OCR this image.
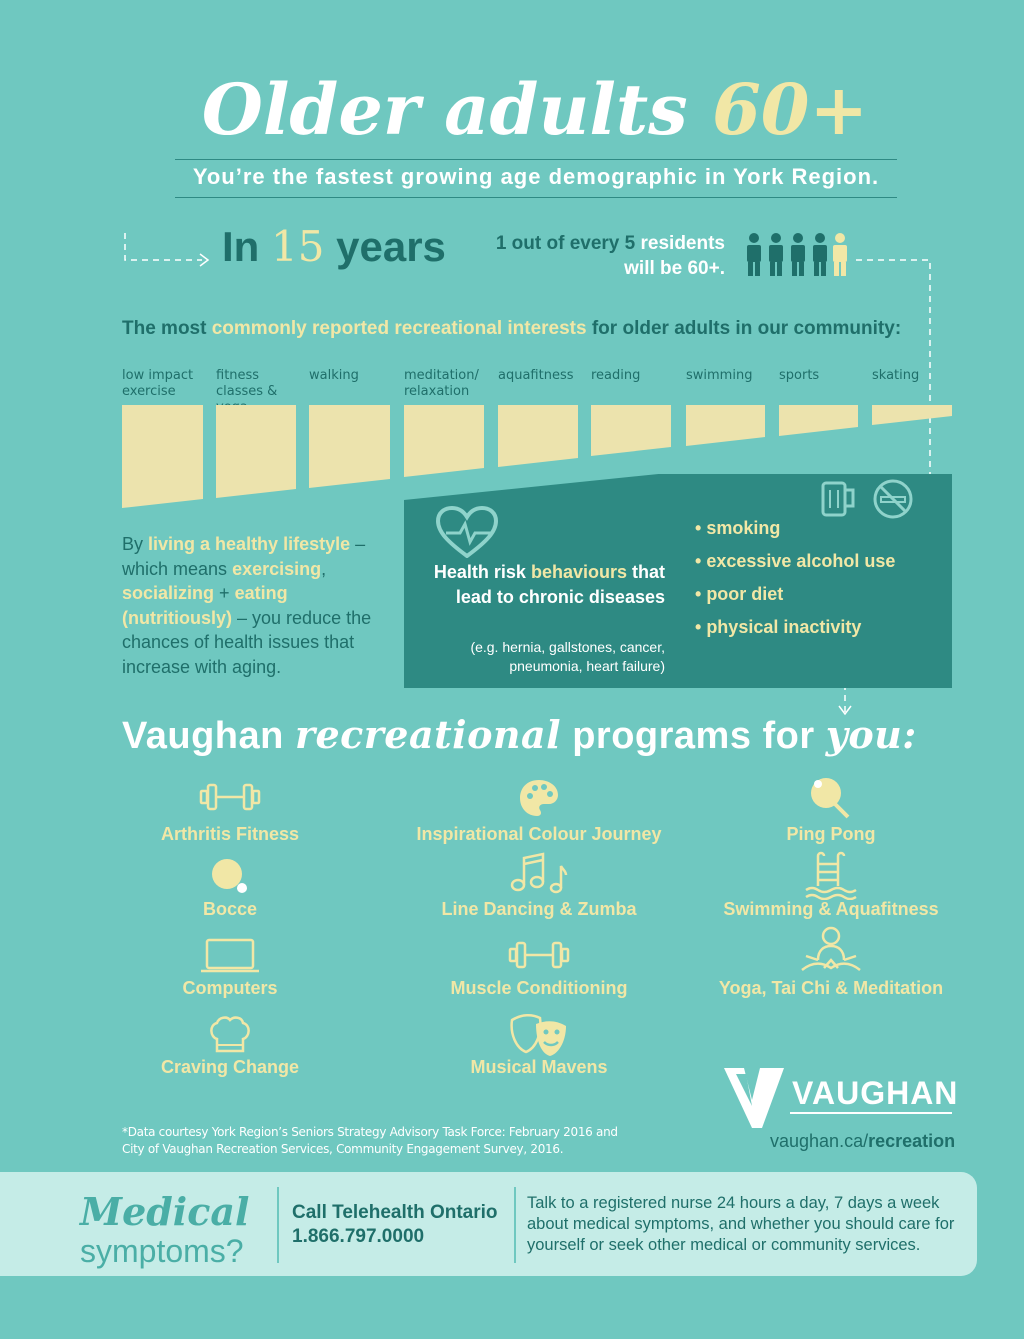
Older adults 60+
You’re the fastest growing age demographic in York Region.
In 15 years	1 out of every 5 residents
will be 60+.
The most commonly reported recreational interests for older adults in our community:
low impact exercise
fitness classes &
walking	meditation/ relaxation
aquafitness	reading	swimming	sports	skating
By living a healthy lifestyle – which means exercising, socializing + eating (nutritiously) – you reduce the chances of health issues that increase with aging.
Health risk behaviours that lead to chronic diseases
(e.g. hernia, gallstones, cancer, pneumonia, heart failure)
• smoking
• excessive alcohol use
• poor diet
• physical inactivity
Vaughan recreational programs for you:
Arthritis Fitness
Bocce
Computers
Craving Change
Inspirational Colour Journey
Line Dancing & Zumba
Muscle Conditioning
Musical Mavens
Ping Pong
Swimming & Aquafitness
Yoga, Tai Chi & Meditation
*Data courtesy York Region’s Seniors Strategy Advisory Task Force: February 2016 and
City of Vaughan Recreation Services, Community Engagement Survey, 2016.
VAUGHAN
vaughan.ca/recreation
Medical
symptoms?
Call Telehealth Ontario
1.866.797.0000
Talk to a registered nurse 24 hours a day, 7 days a week about medical symptoms, and whether you should care for yourself or seek other medical or community services.
